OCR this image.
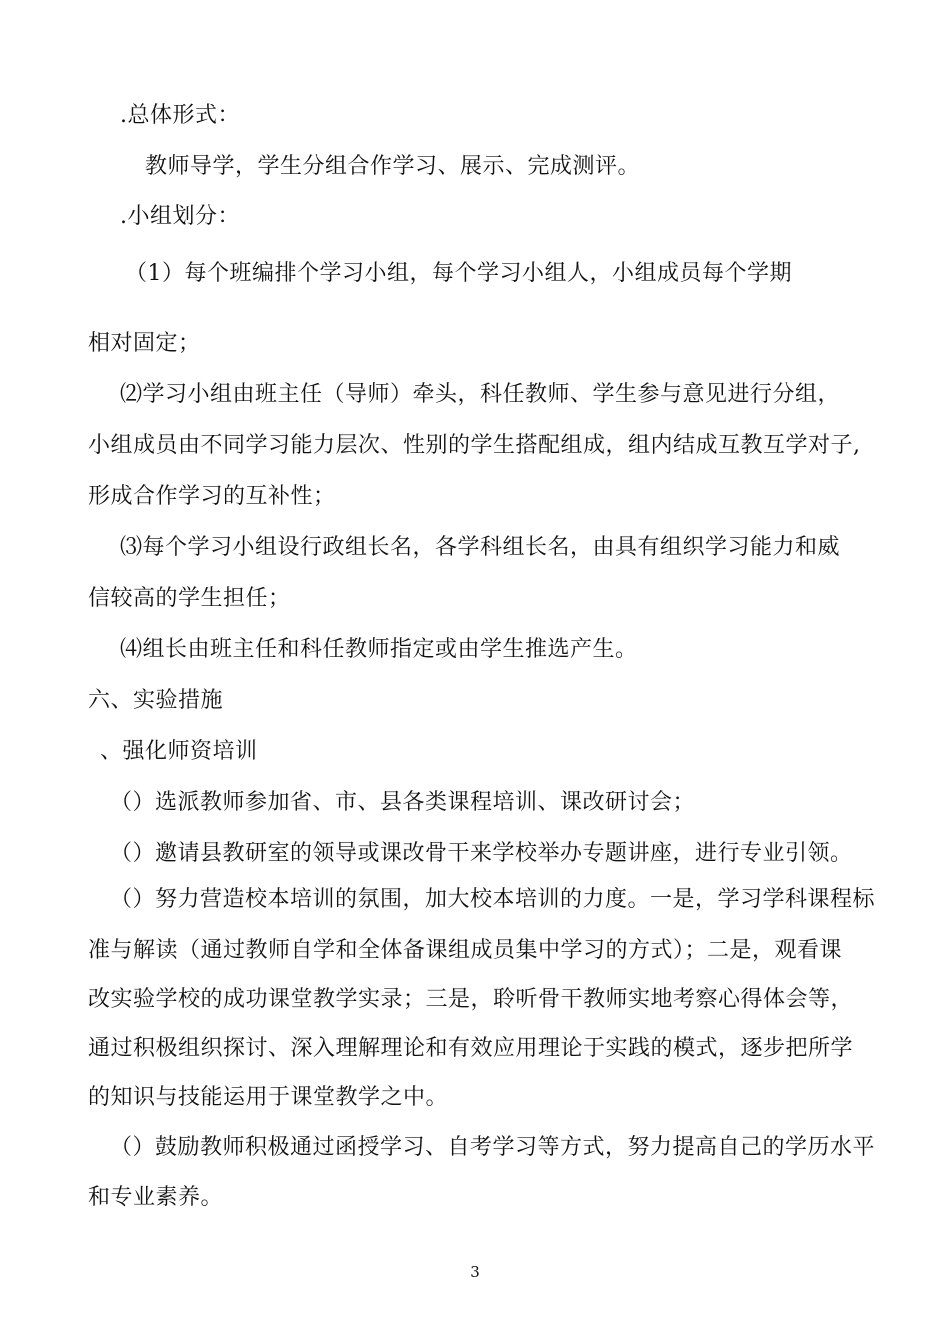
.总体形式：
教师导学，学生分组合作学习、展示、完成测评。
.小组划分：
（1）每个班编排个学习小组，每个学习小组人，小组成员每个学期
相对固定；
⑵学习小组由班主任（导师）牵头，科任教师、学生参与意见进行分组，
小组成员由不同学习能力层次、性别的学生搭配组成，组内结成互教互学对子,
形成合作学习的互补性；
⑶每个学习小组设行政组长名，各学科组长名，由具有组织学习能力和威
信较高的学生担任；
⑷组长由班主任和科任教师指定或由学生推选产生。
六、实验措施
、强化师资培训
（）选派教师参加省、市、县各类课程培训、课改研讨会；
（）邀请县教研室的领导或课改骨干来学校举办专题讲座，进行专业引领。
（）努力营造校本培训的氛围，加大校本培训的力度。一是，学习学科课程标
准与解读（通过教师自学和全体备课组成员集中学习的方式）；二是，观看课
改实验学校的成功课堂教学实录；三是，聆听骨干教师实地考察心得体会等，
通过积极组织探讨、深入理解理论和有效应用理论于实践的模式，逐步把所学
的知识与技能运用于课堂教学之中。
（）鼓励教师积极通过函授学习、自考学习等方式，努力提高自己的学历水平
和专业素养。
3
